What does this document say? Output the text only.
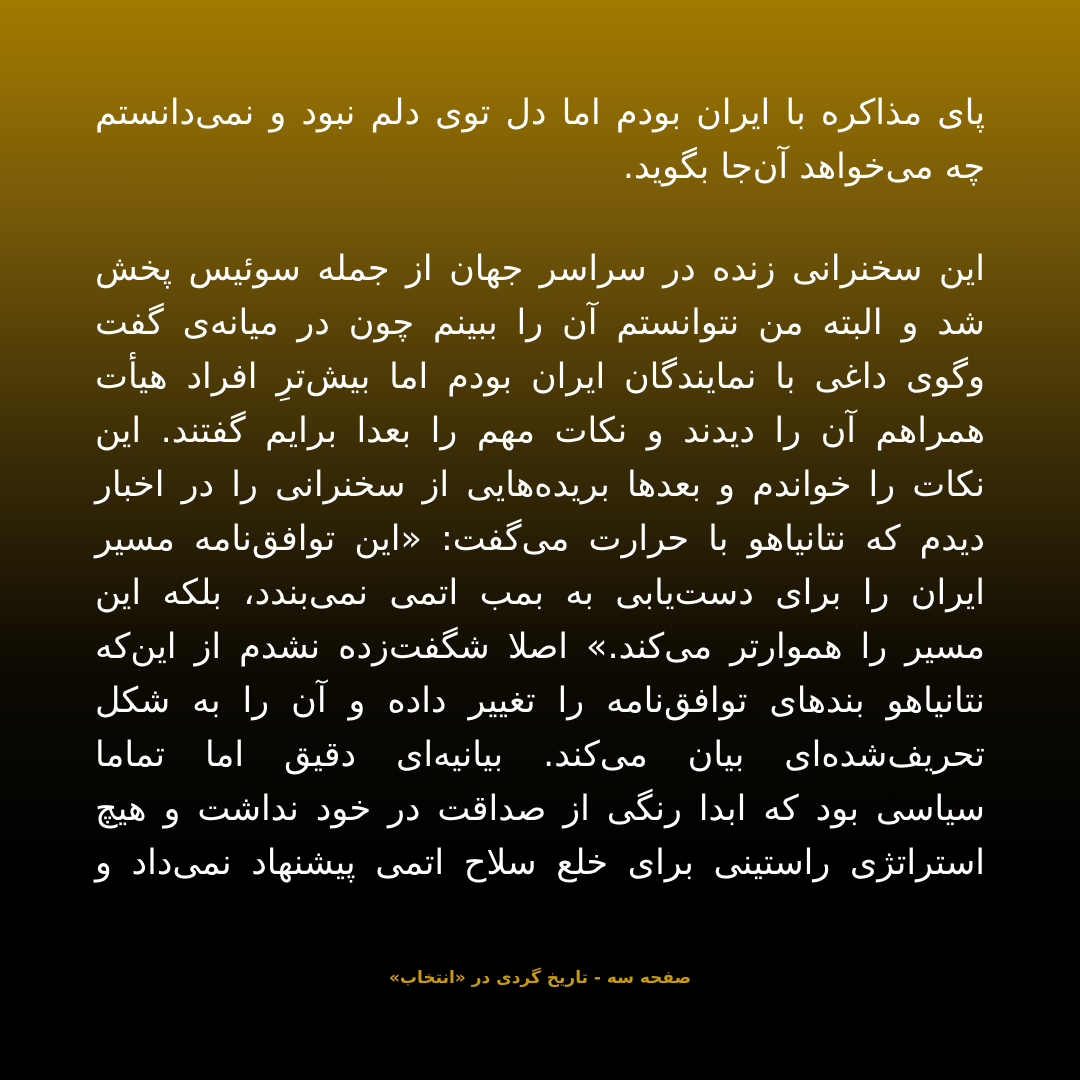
پای مذاکره با ایران بودم اما دل توی دلم نبود و نمی‌دانستم
چه می‌خواهد آن‌جا بگوید.
این سخنرانی زنده در سراسر جهان از جمله سوئیس پخش
شد و البته من نتوانستم آن را ببینم چون در میانه‌ی گفت
وگوی داغی با نمایندگان ایران بودم اما بیش‌ترِ افراد هیأت
همراهم آن را دیدند و نکات مهم را بعدا برایم گفتند. این
نکات را خواندم و بعدها بریده‌هایی از سخنرانی را در اخبار
دیدم که نتانیاهو با حرارت می‌گفت: «این توافق‌نامه مسیر
ایران را برای دست‌یابی به بمب اتمی نمی‌بندد، بلکه این
مسیر را هموارتر می‌کند.» اصلا شگفت‌زده نشدم از این‌که
نتانیاهو بندهای توافق‌نامه را تغییر داده و آن را به شکل
تحریف‌شده‌ای بیان می‌کند. بیانیه‌ای دقیق اما تماما
سیاسی بود که ابدا رنگی از صداقت در خود نداشت و هیچ
استراتژی راستینی برای خلع سلاح اتمی پیشنهاد نمی‌داد و
صفحه سه - تاریخ گردی در «انتخاب»
